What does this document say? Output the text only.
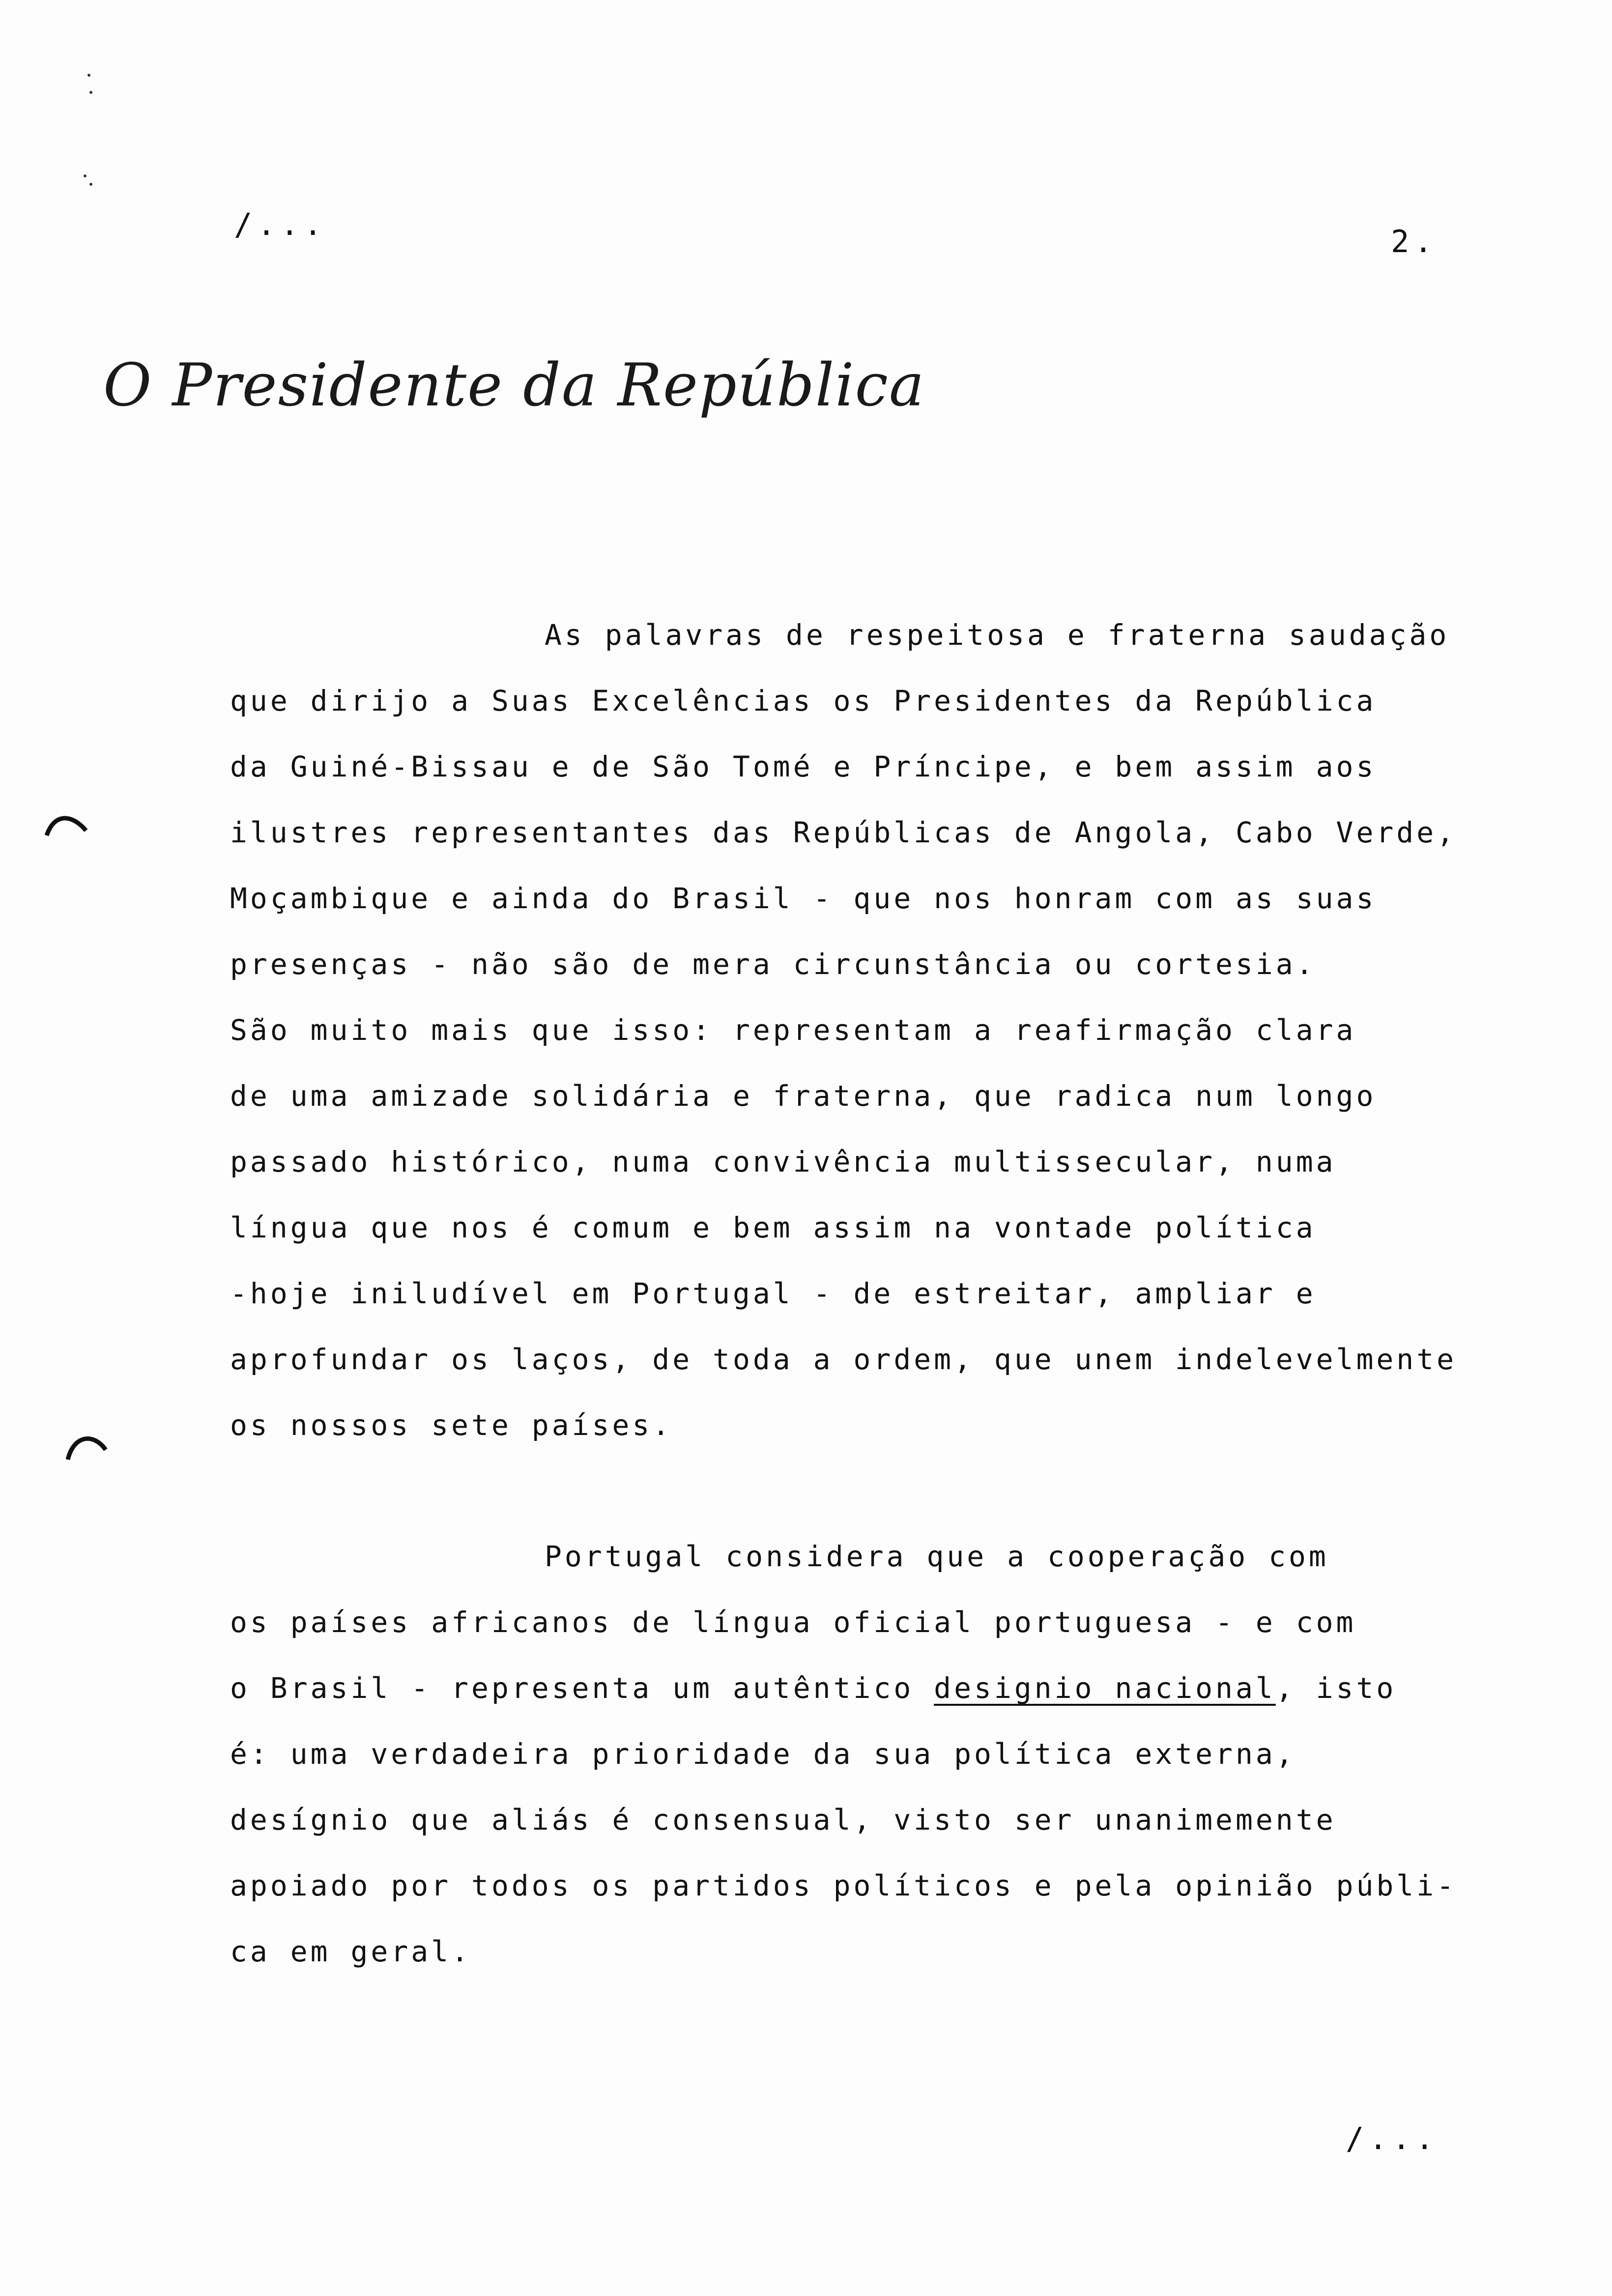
/...	2.
O Presidente da República
As palavras de respeitosa e fraterna saudação
que dirijo a Suas Excelências os Presidentes da República
da Guiné-Bissau e de São Tomé e Príncipe, e bem assim aos
ilustres representantes das Repúblicas de Angola, Cabo Verde,
Moçambique e ainda do Brasil - que nos honram com as suas
presenças - não são de mera circunstância ou cortesia.
São muito mais que isso: representam a reafirmação clara
de uma amizade solidária e fraterna, que radica num longo
passado histórico, numa convivência multissecular, numa
língua que nos é comum e bem assim na vontade política
-hoje iniludível em Portugal - de estreitar, ampliar e
aprofundar os laços, de toda a ordem, que unem indelevelmente
os nossos sete países.
Portugal considera que a cooperação com
os países africanos de língua oficial portuguesa - e com
o Brasil - representa um autêntico designio nacional, isto
é: uma verdadeira prioridade da sua política externa,
desígnio que aliás é consensual, visto ser unanimemente
apoiado por todos os partidos políticos e pela opinião públi-
ca em geral.
/...
